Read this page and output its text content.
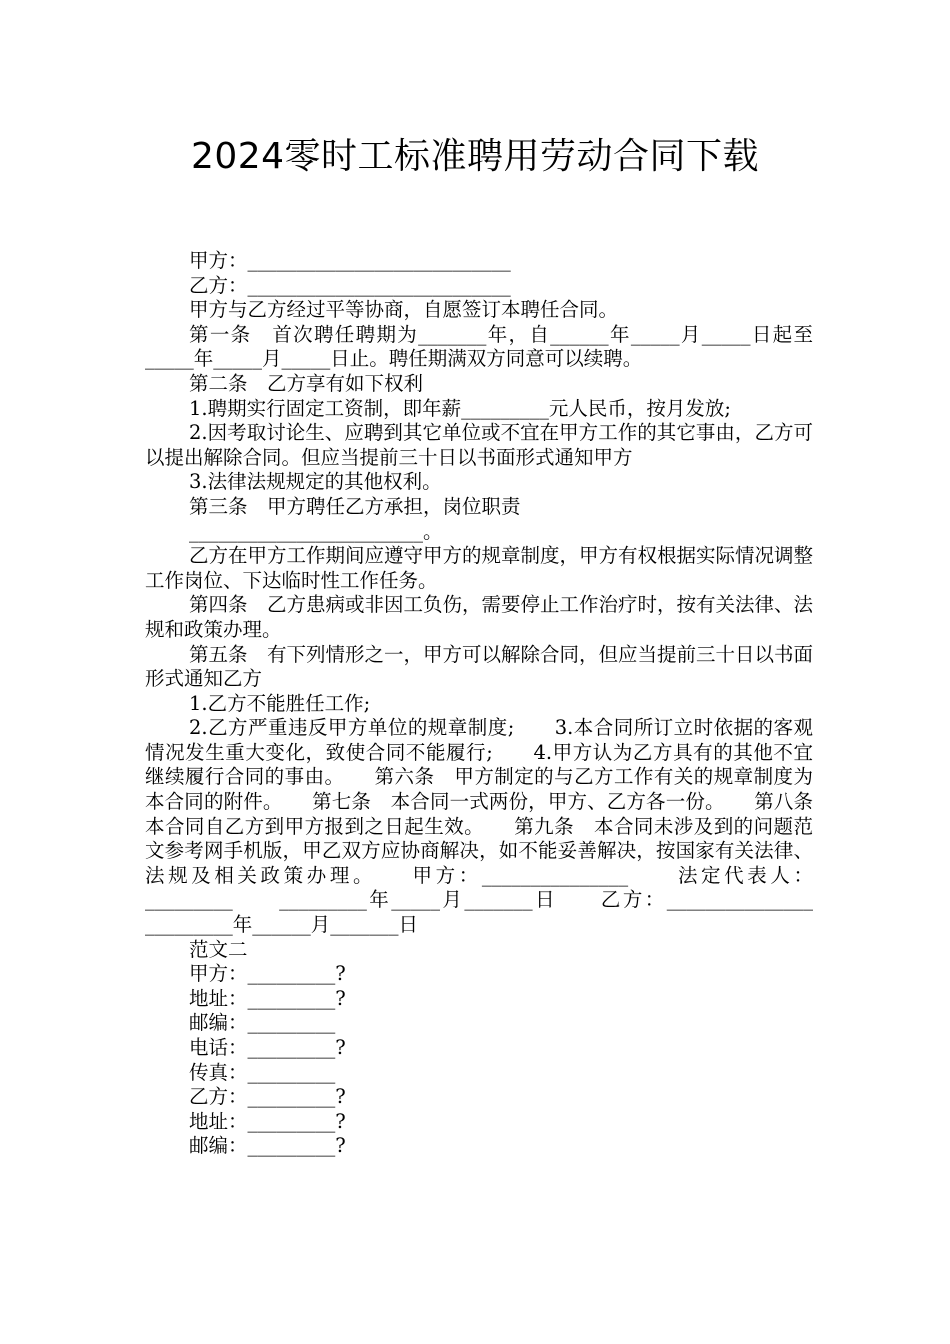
2024零时工标准聘用劳动合同下载

甲方：___________________________

乙方：___________________________

甲方与乙方经过平等协商，自愿签订本聘任合同。

第一条　首次聘任聘期为_______年，自______年_____月_____日起至_____年_____月_____日止。聘任期满双方同意可以续聘。

第二条　乙方享有如下权利

1.聘期实行固定工资制，即年薪_________元人民币，按月发放;

2.因考取讨论生、应聘到其它单位或不宜在甲方工作的其它事由，乙方可以提出解除合同。但应当提前三十日以书面形式通知甲方

3.法律法规规定的其他权利。

第三条　甲方聘任乙方承担，岗位职责

________________________。

乙方在甲方工作期间应遵守甲方的规章制度，甲方有权根据实际情况调整工作岗位、下达临时性工作任务。

第四条　乙方患病或非因工负伤，需要停止工作治疗时，按有关法律、法规和政策办理。

第五条　有下列情形之一，甲方可以解除合同，但应当提前三十日以书面形式通知乙方

1.乙方不能胜任工作;

2.乙方严重违反甲方单位的规章制度;　　3.本合同所订立时依据的客观情况发生重大变化，致使合同不能履行;　　4.甲方认为乙方具有的其他不宜继续履行合同的事由。　　第六条　甲方制定的与乙方工作有关的规章制度为本合同的附件。　　第七条　本合同一式两份，甲方、乙方各一份。　　第八条　本合同自乙方到甲方报到之日起生效。　　第九条　本合同未涉及到的问题范文参考网手机版，甲乙双方应协商解决，如不能妥善解决，按国家有关法律、法规及相关政策办理。　　甲方：_______________　　法定代表人：_________　　_________年_____月_______日　　乙方：_______________　　_________年______月_______日

范文二

甲方：_________?

地址：_________?

邮编：_________

电话：_________?

传真：_________

乙方：_________?

地址：_________?

邮编：_________?
